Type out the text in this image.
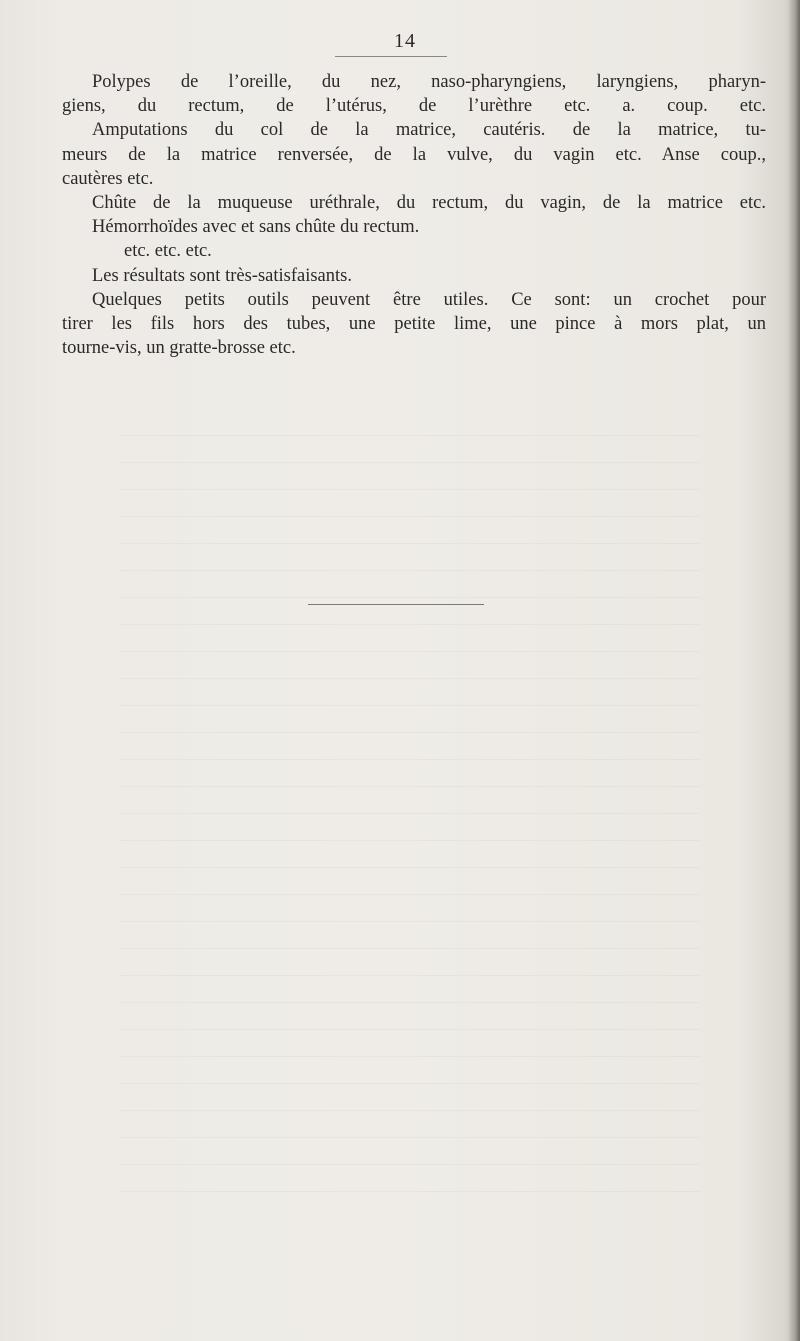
14
Polypes de l’oreille, du nez, naso-pharyngiens, laryngiens, pharyn-
giens, du rectum, de l’utérus, de l’urèthre etc. a. coup. etc.
Amputations du col de la matrice, cautéris. de la matrice, tu-
meurs de la matrice renversée, de la vulve, du vagin etc. Anse coup.,
cautères etc.
Chûte de la muqueuse uréthrale, du rectum, du vagin, de la matrice etc.
Hémorrhoïdes avec et sans chûte du rectum.
etc. etc. etc.
Les résultats sont très-satisfaisants.
Quelques petits outils peuvent être utiles. Ce sont: un crochet pour
tirer les fils hors des tubes, une petite lime, une pince à mors plat, un
tourne-vis, un gratte-brosse etc.
